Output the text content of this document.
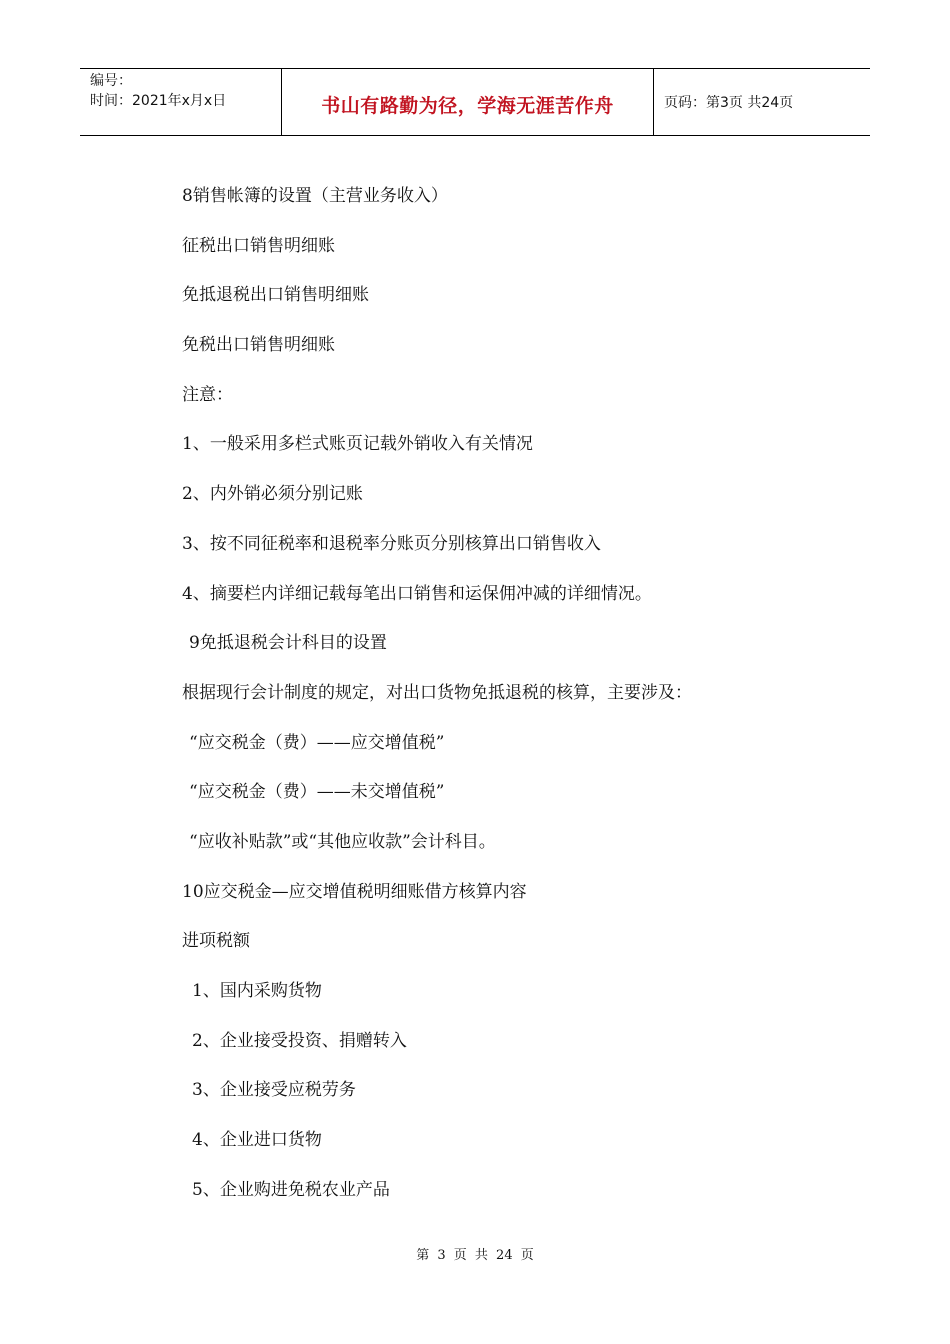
编号：
时间：2021年x月x日	书山有路勤为径，学海无涯苦作舟	页码：第3页 共24页
8销售帐簿的设置（主营业务收入）
征税出口销售明细账
免抵退税出口销售明细账
免税出口销售明细账
注意：
1、一般采用多栏式账页记载外销收入有关情况
2、内外销必须分别记账
3、按不同征税率和退税率分账页分别核算出口销售收入
4、摘要栏内详细记载每笔出口销售和运保佣冲减的详细情况。
9免抵退税会计科目的设置
根据现行会计制度的规定，对出口货物免抵退税的核算，主要涉及：
“应交税金（费）——应交增值税”
“应交税金（费）——未交增值税”
“应收补贴款”或“其他应收款”会计科目。
10应交税金—应交增值税明细账借方核算内容
进项税额
1、国内采购货物
2、企业接受投资、捐赠转入
3、企业接受应税劳务
4、企业进口货物
5、企业购进免税农业产品
第 3 页 共 24 页
